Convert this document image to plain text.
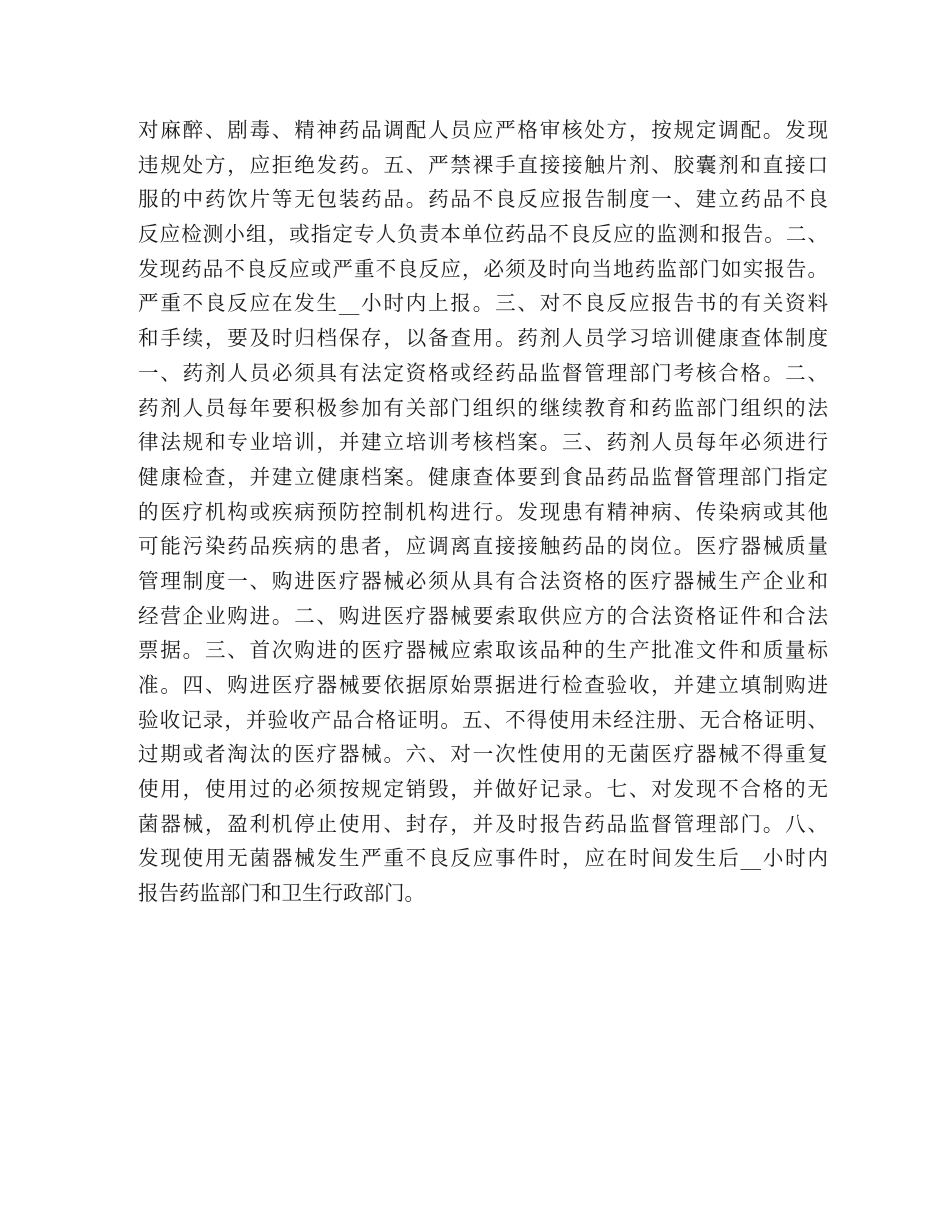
对麻醉、剧毒、精神药品调配人员应严格审核处方，按规定调配。发现
违规处方，应拒绝发药。五、严禁裸手直接接触片剂、胶囊剂和直接口
服的中药饮片等无包装药品。药品不良反应报告制度一、建立药品不良
反应检测小组，或指定专人负责本单位药品不良反应的监测和报告。二、
发现药品不良反应或严重不良反应，必须及时向当地药监部门如实报告。
严重不良反应在发生__小时内上报。三、对不良反应报告书的有关资料
和手续，要及时归档保存，以备查用。药剂人员学习培训健康查体制度
一、药剂人员必须具有法定资格或经药品监督管理部门考核合格。二、
药剂人员每年要积极参加有关部门组织的继续教育和药监部门组织的法
律法规和专业培训，并建立培训考核档案。三、药剂人员每年必须进行
健康检查，并建立健康档案。健康查体要到食品药品监督管理部门指定
的医疗机构或疾病预防控制机构进行。发现患有精神病、传染病或其他
可能污染药品疾病的患者，应调离直接接触药品的岗位。医疗器械质量
管理制度一、购进医疗器械必须从具有合法资格的医疗器械生产企业和
经营企业购进。二、购进医疗器械要索取供应方的合法资格证件和合法
票据。三、首次购进的医疗器械应索取该品种的生产批准文件和质量标
准。四、购进医疗器械要依据原始票据进行检查验收，并建立填制购进
验收记录，并验收产品合格证明。五、不得使用未经注册、无合格证明、
过期或者淘汰的医疗器械。六、对一次性使用的无菌医疗器械不得重复
使用，使用过的必须按规定销毁，并做好记录。七、对发现不合格的无
菌器械，盈利机停止使用、封存，并及时报告药品监督管理部门。八、
发现使用无菌器械发生严重不良反应事件时，应在时间发生后__小时内
报告药监部门和卫生行政部门。
